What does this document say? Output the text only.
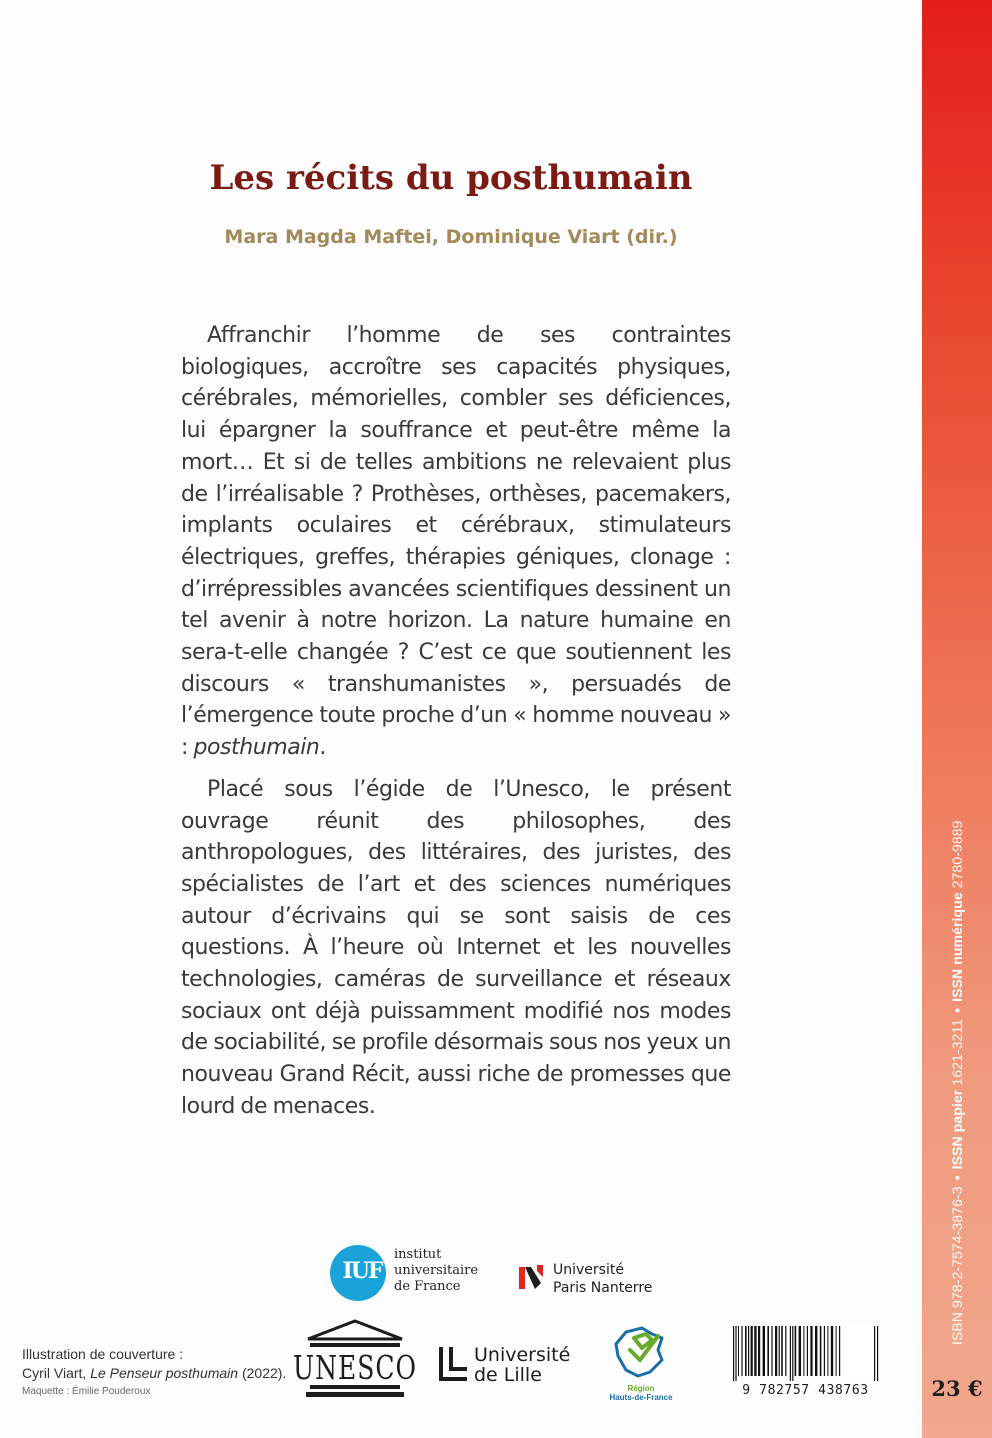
Les récits du posthumain
Mara Magda Maftei, Dominique Viart (dir.)

Affranchir l’homme de ses contraintes biologiques, accroître ses capacités physiques, cérébrales, mémorielles, combler ses déficiences, lui épargner la souffrance et peut-être même la mort… Et si de telles ambitions ne relevaient plus de l’irréalisable ? Prothèses, orthèses, pacemakers, implants oculaires et cérébraux, stimulateurs électriques, greffes, thérapies géniques, clonage : d’irrépressibles avancées scientifiques dessinent un tel avenir à notre horizon. La nature humaine en sera-t-elle changée ? C’est ce que soutiennent les discours « transhumanistes », persuadés de l’émergence toute proche d’un « homme nouveau » : posthumain.

Placé sous l’égide de l’Unesco, le présent ouvrage réunit des philosophes, des anthropologues, des littéraires, des juristes, des spécialistes de l’art et des sciences numériques autour d’écrivains qui se sont saisis de ces questions. À l’heure où Internet et les nouvelles technologies, caméras de surveillance et réseaux sociaux ont déjà puissamment modifié nos modes de sociabilité, se profile désormais sous nos yeux un nouveau Grand Récit, aussi riche de promesses que lourd de menaces.

Illustration de couverture :
Cyril Viart, Le Penseur posthumain (2022).
Maquette : Émilie Pouderoux
IUF
institut
universitaire
de France
Université
Paris Nanterre
UNESCO	Université
de Lille
Région
Hauts-de-France	9 782757 438763
ISBN 978-2-7574-3876-3•ISSN papier 1621-3211•ISSN numérique 2780-9889
23 €
